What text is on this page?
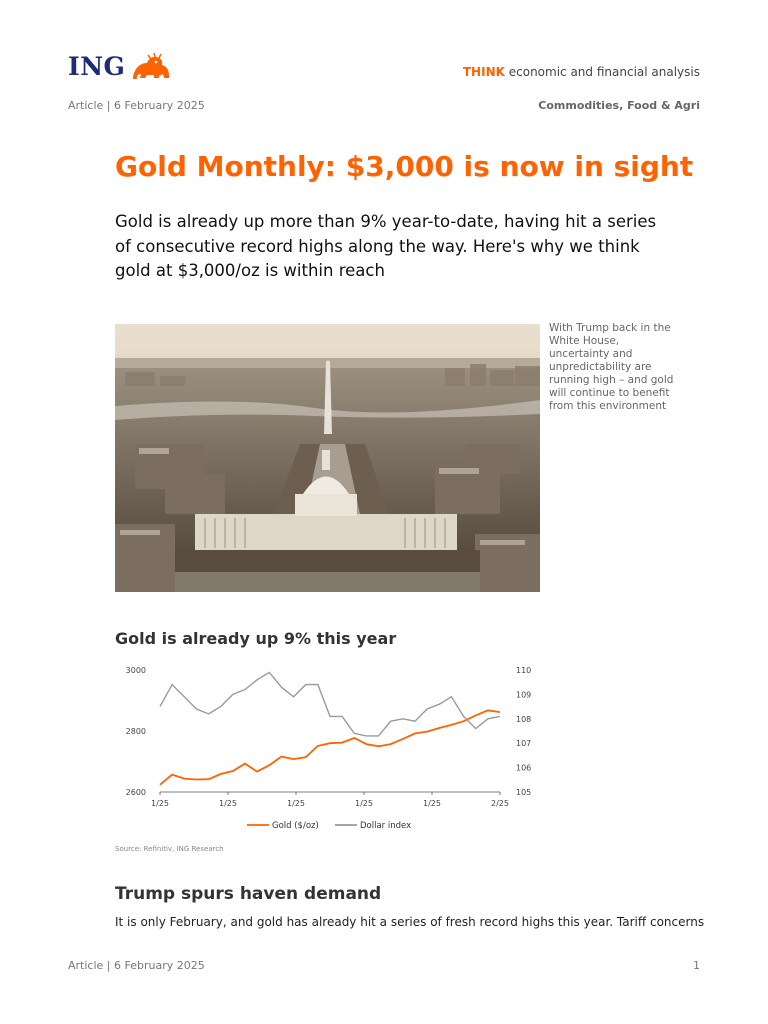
ING	THINK economic and financial analysis
Article | 6 February 2025	Commodities, Food & Agri
Gold Monthly: $3,000 is now in sight

Gold is already up more than 9% year-to-date, having hit a series of consecutive record highs along the way. Here's why we think gold at $3,000/oz is within reach

With Trump back in the White House, uncertainty and unpredictability are running high – and gold will continue to benefit from this environment
Gold is already up 9% this year
2600
2800
3000
105
106
107
108
109
110
1/25	1/25	1/25	1/25	1/25	2/25
Gold ($/oz)	Dollar index
Source: Refinitiv, ING Research
Trump spurs haven demand

It is only February, and gold has already hit a series of fresh record highs this year. Tariff concerns

Article | 6 February 2025	1
